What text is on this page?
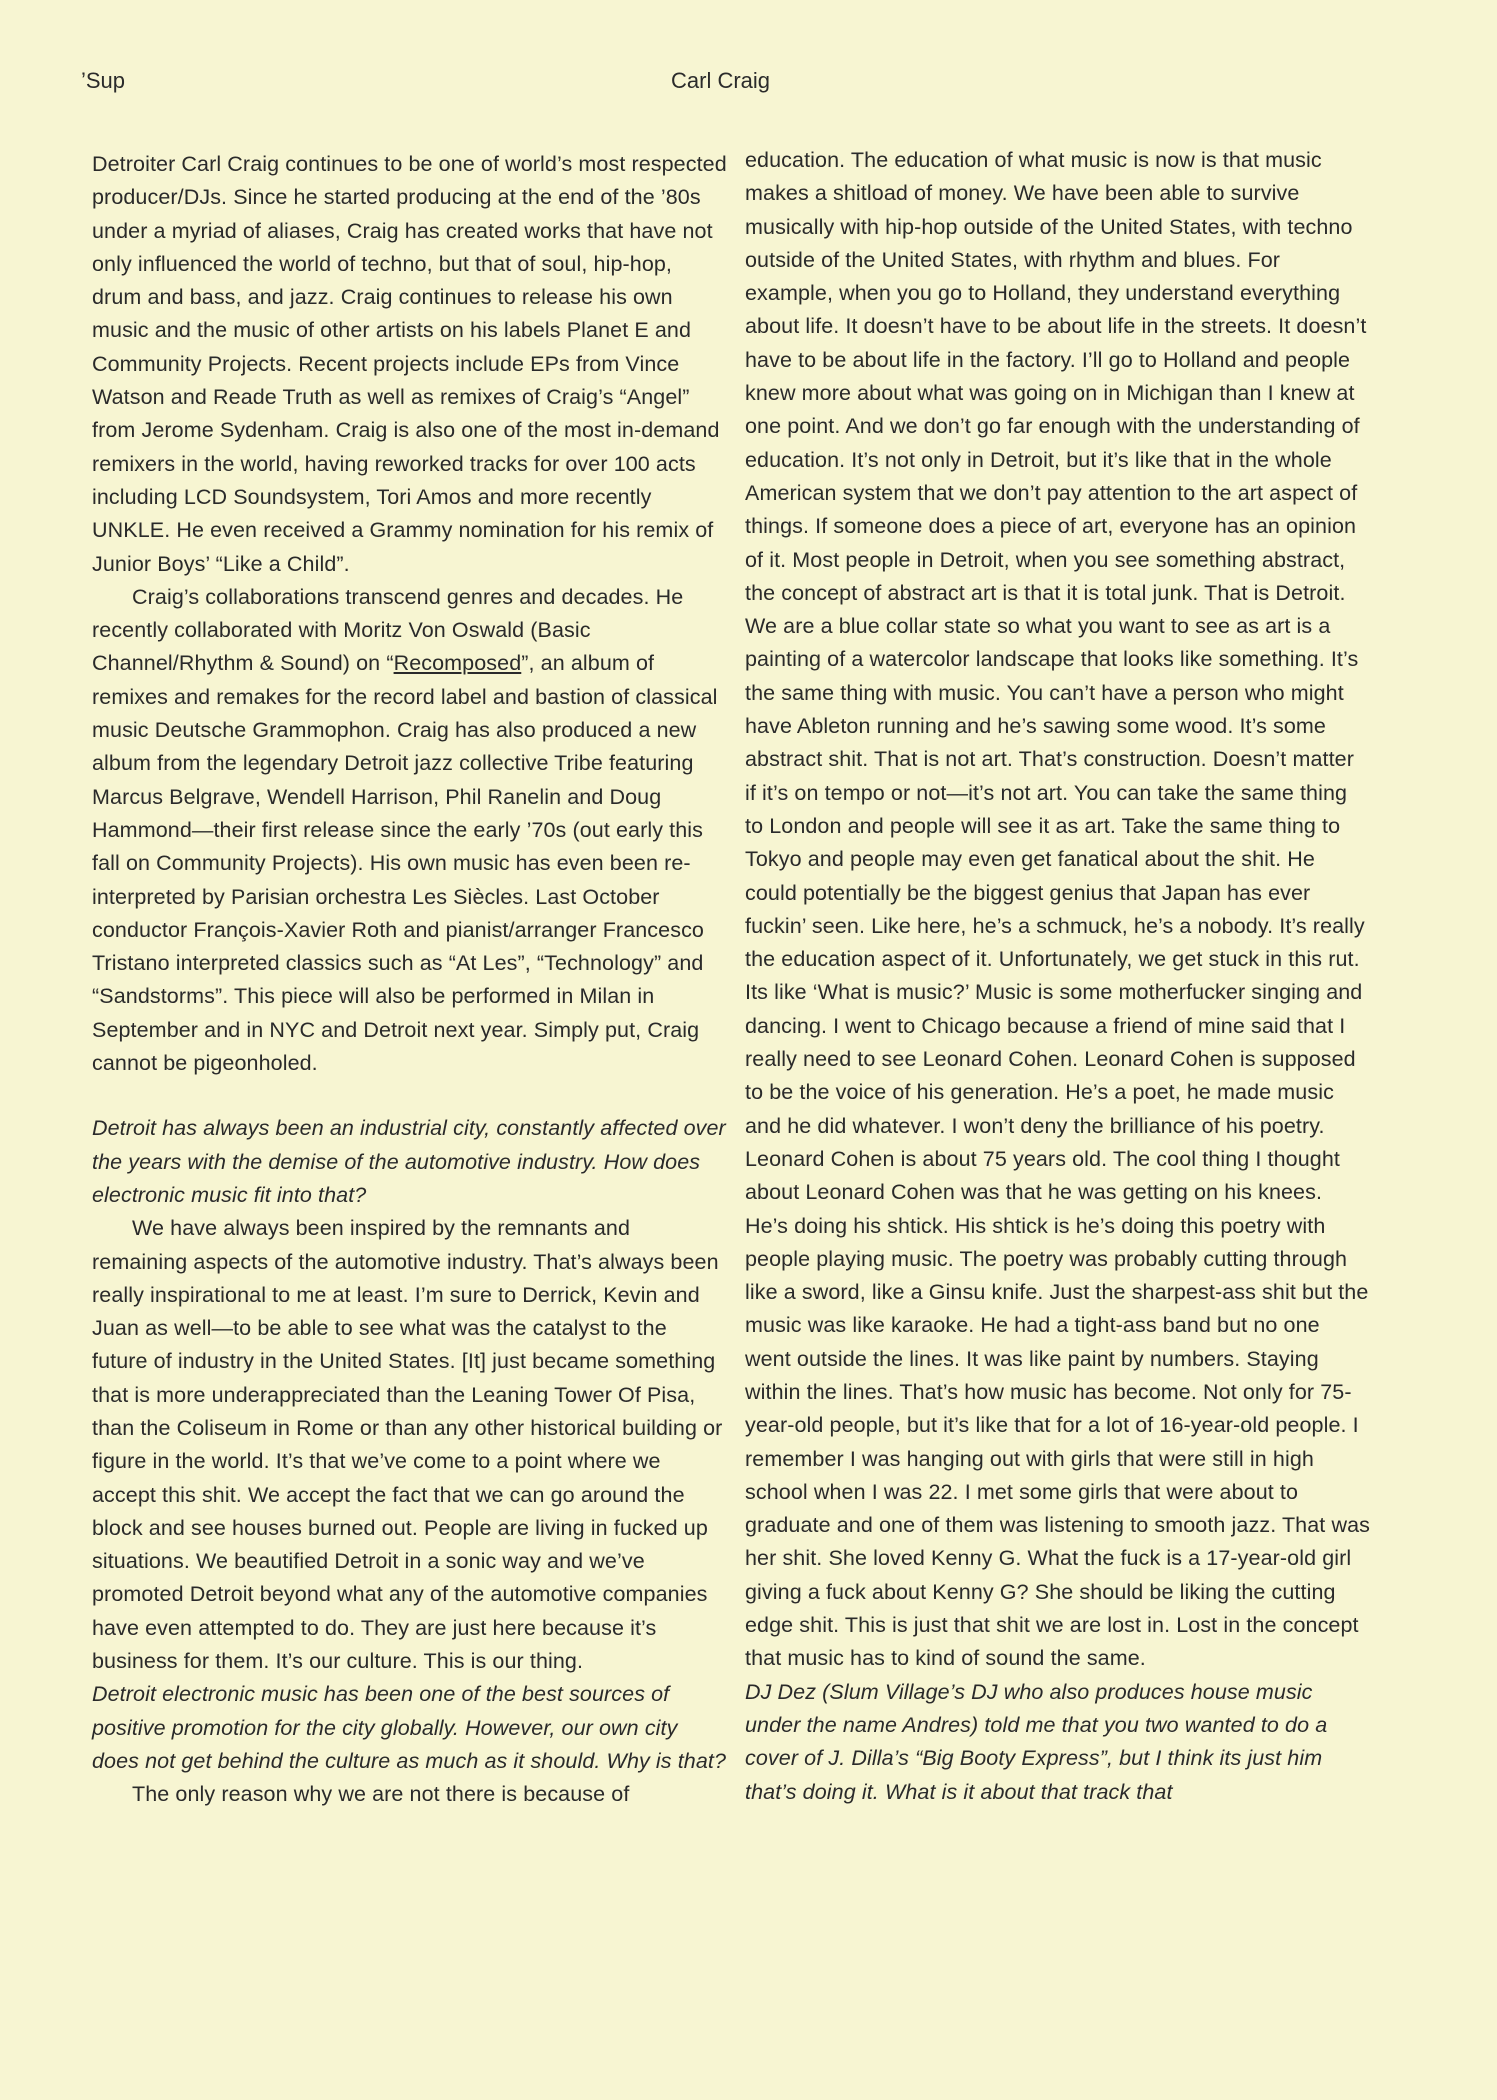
’Sup	Carl Craig

Detroiter Carl Craig continues to be one of world’s most respected producer/DJs. Since he started producing at the end of the ’80s under a myriad of aliases, Craig has created works that have not only influenced the world of techno, but that of soul, hip-hop, drum and bass, and jazz. Craig continues to release his own music and the music of other artists on his labels Planet E and Community Projects. Recent projects include EPs from Vince Watson and Reade Truth as well as remixes of Craig’s “Angel” from Jerome Sydenham. Craig is also one of the most in-demand remixers in the world, having reworked tracks for over 100 acts including LCD Soundsystem, Tori Amos and more recently UNKLE. He even received a Grammy nomination for his remix of Junior Boys’ “Like a Child”.

Craig’s collaborations transcend genres and decades. He recently collaborated with Moritz Von Oswald (Basic Channel/Rhythm & Sound) on “Recomposed”, an album of remixes and remakes for the record label and bastion of classical music Deutsche Grammophon. Craig has also produced a new album from the legendary Detroit jazz collective Tribe featuring Marcus Belgrave, Wendell Harrison, Phil Ranelin and Doug Hammond—their first release since the early ’70s (out early this fall on Community Projects). His own music has even been re-interpreted by Parisian orchestra Les Siècles. Last October conductor François-Xavier Roth and pianist/arranger Francesco Tristano interpreted classics such as “At Les”, “Technology” and “Sandstorms”. This piece will also be performed in Milan in September and in NYC and Detroit next year. Simply put, Craig cannot be pigeonholed.

Detroit has always been an industrial city, constantly affected over the years with the demise of the automotive industry. How does electronic music fit into that?

We have always been inspired by the remnants and remaining aspects of the automotive industry. That’s always been really inspirational to me at least. I’m sure to Derrick, Kevin and Juan as well—to be able to see what was the catalyst to the future of industry in the United States. [It] just became something that is more underappreciated than the Leaning Tower Of Pisa, than the Coliseum in Rome or than any other historical building or figure in the world. It’s that we’ve come to a point where we accept this shit. We accept the fact that we can go around the block and see houses burned out. People are living in fucked up situations. We beautified Detroit in a sonic way and we’ve promoted Detroit beyond what any of the automotive companies have even attempted to do. They are just here because it’s business for them. It’s our culture. This is our thing.

Detroit electronic music has been one of the best sources of positive promotion for the city globally. However, our own city does not get behind the culture as much as it should. Why is that?

The only reason why we are not there is because of

education. The education of what music is now is that music makes a shitload of money. We have been able to survive musically with hip-hop outside of the United States, with techno outside of the United States, with rhythm and blues. For example, when you go to Holland, they understand everything about life. It doesn’t have to be about life in the streets. It doesn’t have to be about life in the factory. I’ll go to Holland and people knew more about what was going on in Michigan than I knew at one point. And we don’t go far enough with the understanding of education. It’s not only in Detroit, but it’s like that in the whole American system that we don’t pay attention to the art aspect of things. If someone does a piece of art, everyone has an opinion of it. Most people in Detroit, when you see something abstract, the concept of abstract art is that it is total junk. That is Detroit. We are a blue collar state so what you want to see as art is a painting of a watercolor landscape that looks like something. It’s the same thing with music. You can’t have a person who might have Ableton running and he’s sawing some wood. It’s some abstract shit. That is not art. That’s construction. Doesn’t matter if it’s on tempo or not—it’s not art. You can take the same thing to London and people will see it as art. Take the same thing to Tokyo and people may even get fanatical about the shit. He could potentially be the biggest genius that Japan has ever fuckin’ seen. Like here, he’s a schmuck, he’s a nobody. It’s really the education aspect of it. Unfortunately, we get stuck in this rut. Its like ‘What is music?’ Music is some motherfucker singing and dancing. I went to Chicago because a friend of mine said that I really need to see Leonard Cohen. Leonard Cohen is supposed to be the voice of his generation. He’s a poet, he made music and he did whatever. I won’t deny the brilliance of his poetry. Leonard Cohen is about 75 years old. The cool thing I thought about Leonard Cohen was that he was getting on his knees. He’s doing his shtick. His shtick is he’s doing this poetry with people playing music. The poetry was probably cutting through like a sword, like a Ginsu knife. Just the sharpest-ass shit but the music was like karaoke. He had a tight-ass band but no one went outside the lines. It was like paint by numbers. Staying within the lines. That’s how music has become. Not only for 75-year-old people, but it’s like that for a lot of 16-year-old people. I remember I was hanging out with girls that were still in high school when I was 22. I met some girls that were about to graduate and one of them was listening to smooth jazz. That was her shit. She loved Kenny G. What the fuck is a 17-year-old girl giving a fuck about Kenny G? She should be liking the cutting edge shit. This is just that shit we are lost in. Lost in the concept that music has to kind of sound the same.

DJ Dez (Slum Village’s DJ who also produces house music under the name Andres) told me that you two wanted to do a cover of J. Dilla’s “Big Booty Express”, but I think its just him that’s doing it. What is it about that track that
